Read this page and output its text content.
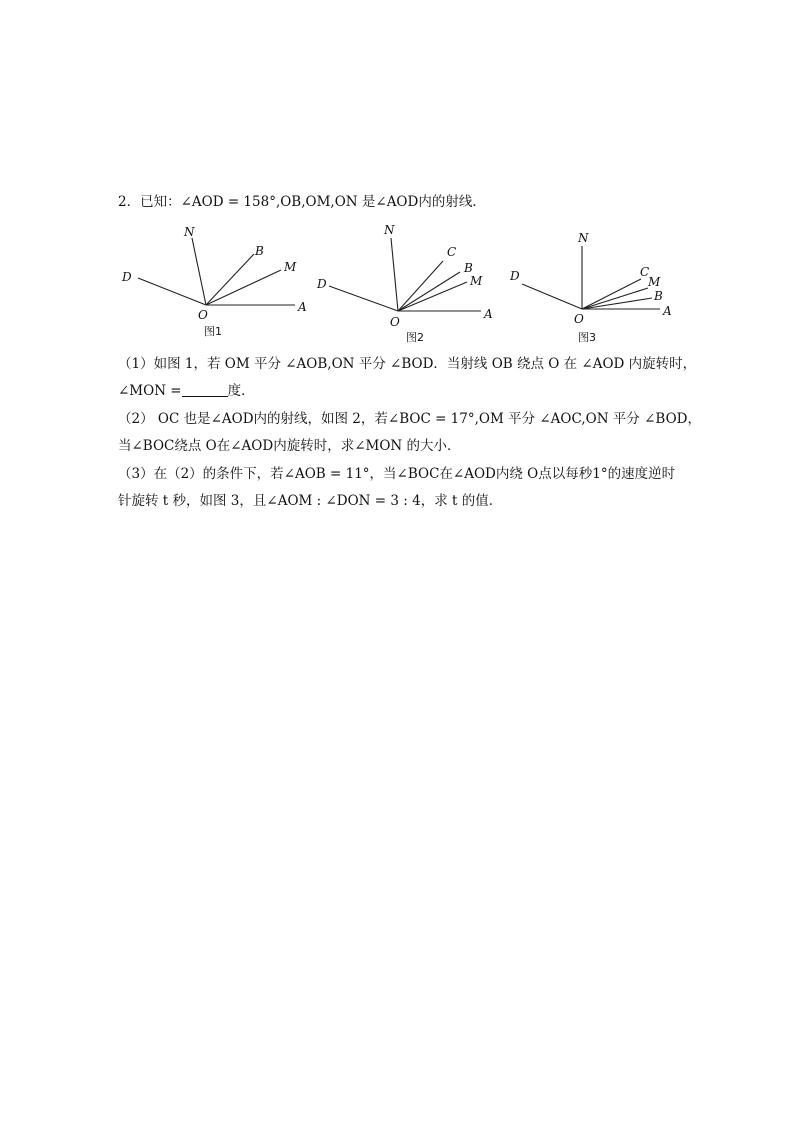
2．已知：∠AOD = 158°,OB,OM,ON 是∠AOD内的射线．
N
B
M
D
O
A
图1
N
C
B
M
D
O
A
图2
N
C
M
B
D
O
A
图3
（1）如图 1，若 OM 平分 ∠AOB,ON 平分 ∠BOD．当射线 OB 绕点 O 在 ∠AOD 内旋转时，
∠MON =	度．
（2） OC 也是∠AOD内的射线，如图 2，若∠BOC = 17°,OM 平分 ∠AOC,ON 平分 ∠BOD，
当∠BOC绕点 O在∠AOD内旋转时，求∠MON 的大小．
（3）在（2）的条件下，若∠AOB = 11°，当∠BOC在∠AOD内绕 O点以每秒1°的速度逆时
针旋转 t 秒，如图 3，且∠AOM : ∠DON = 3 : 4，求 t 的值．
